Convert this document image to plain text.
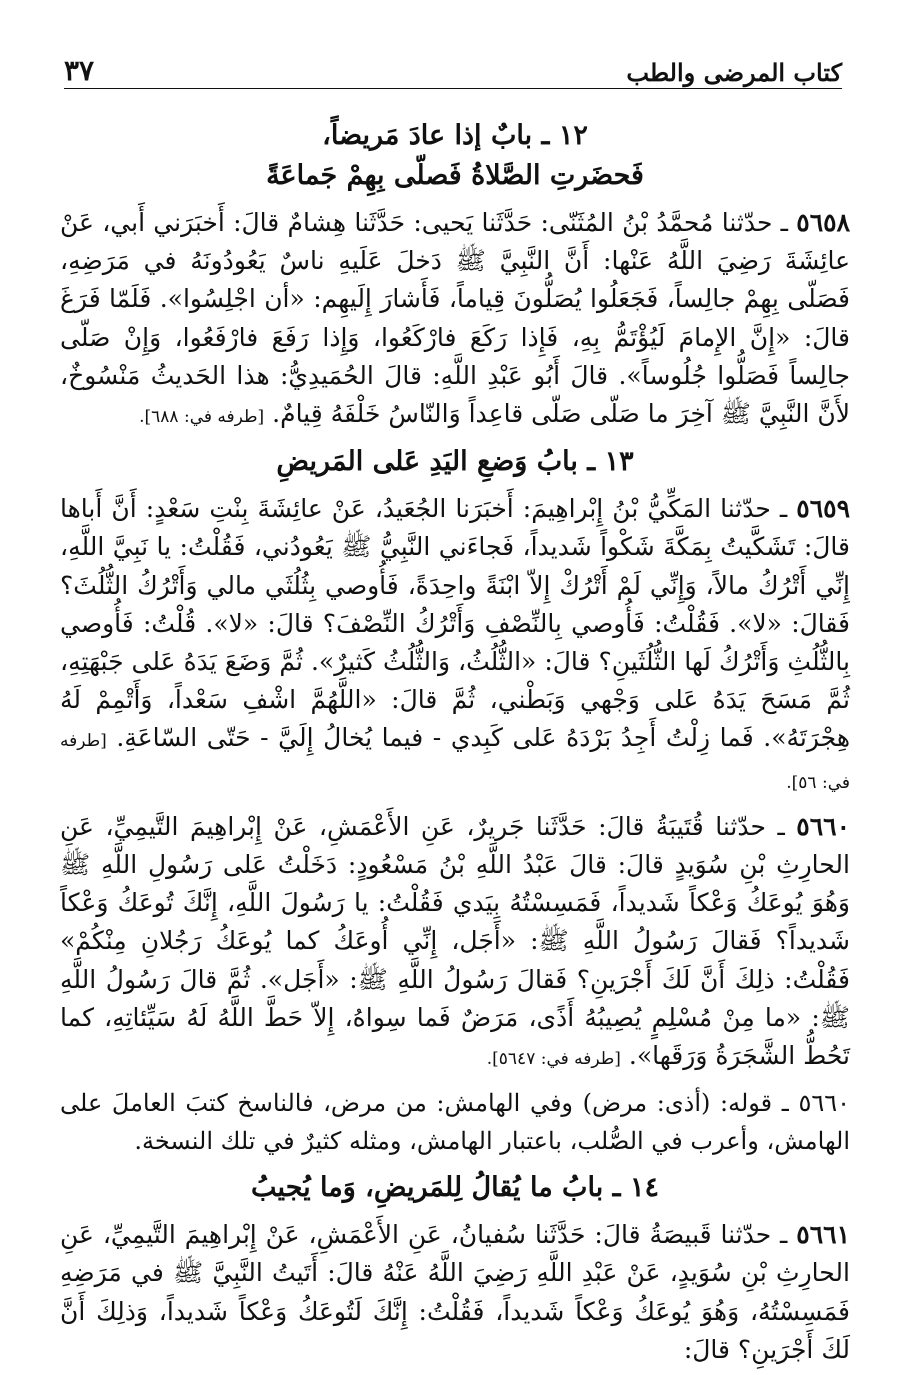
كتاب المرضى والطب
٣٧
١٢ ـ بابٌ إذا عادَ مَريضاً،
فَحضَرتِ الصَّلاةُ فَصلّى بِهِمْ جَماعَةً

٥٦٥٨ ـ حدّثنا مُحمَّدُ بْنُ المُثَنّى: حَدَّثَنا يَحيى: حَدَّثَنا هِشامٌ قالَ: أَخبَرَني أَبي، عَنْ عائِشَةَ رَضِيَ اللَّهُ عَنْها: أَنَّ النَّبِيَّ ﷺ دَخلَ عَلَيهِ ناسٌ يَعُودُونَهُ في مَرَضِهِ، فَصَلّى بِهِمْ جالِساً، فَجَعَلُوا يُصَلُّونَ قِياماً، فَأَشارَ إِلَيهِم: «أن اجْلِسُوا». فَلَمّا فَرَغَ قالَ: «إِنَّ الإِمامَ لَيُؤْتَمُّ بِهِ، فَإِذا رَكَعَ فارْكَعُوا، وَإِذا رَفَعَ فارْفَعُوا، وَإِنْ صَلّى جالِساً فَصَلُّوا جُلُوساً». قالَ أَبُو عَبْدِ اللَّهِ: قالَ الحُمَيدِيُّ: هذا الحَديثُ مَنْسُوخٌ، لأَنَّ النَّبِيَّ ﷺ آخِرَ ما صَلّى صَلّى قاعِداً وَالنّاسُ خَلْفَهُ قِيامٌ. [طرفه في: ٦٨٨].

١٣ ـ بابُ وَضعِ اليَدِ عَلى المَريضِ

٥٦٥٩ ـ حدّثنا المَكِّيُّ بْنُ إِبْراهِيمَ: أَخبَرَنا الجُعَيدُ، عَنْ عائِشَةَ بِنْتِ سَعْدٍ: أَنَّ أَباها قالَ: تَشَكَّيتُ بِمَكَّةَ شَكْواً شَديداً، فَجاءَني النَّبِيُّ ﷺ يَعُودُني، فَقُلْتُ: يا نَبِيَّ اللَّهِ، إِنِّي أَتْرُكُ مالاً، وَإِنِّي لَمْ أَتْرُكْ إِلاّ ابْنَةً واحِدَةً، فَأُوصي بِثُلُثَي مالي وَأَتْرُكُ الثُّلُثَ؟ فَقالَ: «لا». فَقُلْتُ: فَأُوصي بِالنِّصْفِ وَأَتْرُكُ النِّصْفَ؟ قالَ: «لا». قُلْتُ: فَأُوصي بِالثُّلُثِ وَأَتْرُكُ لَها الثُّلُثَينِ؟ قالَ: «الثُّلُثُ، وَالثُّلُثُ كَثيرٌ». ثُمَّ وَضَعَ يَدَهُ عَلى جَبْهَتِهِ، ثُمَّ مَسَحَ يَدَهُ عَلى وَجْهي وَبَطْني، ثُمَّ قالَ: «اللَّهُمَّ اشْفِ سَعْداً، وَأَتْمِمْ لَهُ هِجْرَتَهُ». فَما زِلْتُ أَجِدُ بَرْدَهُ عَلى كَبِدي - فيما يُخالُ إِلَيَّ - حَتّى السّاعَةِ. [طرفه في: ٥٦].

٥٦٦٠ ـ حدّثنا قُتَيبَةُ قالَ: حَدَّثَنا جَريرٌ، عَنِ الأَعْمَشِ، عَنْ إِبْراهِيمَ التَّيمِيِّ، عَنِ الحارِثِ بْنِ سُوَيدٍ قالَ: قالَ عَبْدُ اللَّهِ بْنُ مَسْعُودٍ: دَخَلْتُ عَلى رَسُولِ اللَّهِ ﷺ وَهُوَ يُوعَكُ وَعْكاً شَديداً، فَمَسِسْتُهُ بِيَدي فَقُلْتُ: يا رَسُولَ اللَّهِ، إِنَّكَ تُوعَكُ وَعْكاً شَديداً؟ فَقالَ رَسُولُ اللَّهِ ﷺ: «أَجَل، إِنِّي أُوعَكُ كما يُوعَكُ رَجُلانِ مِنْكُمْ» فَقُلْتُ: ذلِكَ أَنَّ لَكَ أَجْرَينِ؟ فَقالَ رَسُولُ اللَّهِ ﷺ: «أَجَل». ثُمَّ قالَ رَسُولُ اللَّهِ ﷺ: «ما مِنْ مُسْلِمٍ يُصِيبُهُ أَذًى، مَرَضٌ فَما سِواهُ، إِلاّ حَطَّ اللَّهُ لَهُ سَيِّئاتِهِ، كما تَحُطُّ الشَّجَرَةُ وَرَقَها». [طرفه في: ٥٦٤٧].

٥٦٦٠ ـ قوله: (أذى: مرض) وفي الهامش: من مرض، فالناسخ كتبَ العاملَ على الهامش، وأعرب في الصُّلب، باعتبار الهامش، ومثله كثيرٌ في تلك النسخة.

١٤ ـ بابُ ما يُقالُ لِلمَريضِ، وَما يُجيبُ

٥٦٦١ ـ حدّثنا قَبيصَةُ قالَ: حَدَّثَنا سُفيانُ، عَنِ الأَعْمَشِ، عَنْ إِبْراهِيمَ التَّيمِيِّ، عَنِ الحارِثِ بْنِ سُوَيدٍ، عَنْ عَبْدِ اللَّهِ رَضِيَ اللَّهُ عَنْهُ قالَ: أَتَيتُ النَّبِيَّ ﷺ في مَرَضِهِ فَمَسِسْتُهُ، وَهُوَ يُوعَكُ وَعْكاً شَديداً، فَقُلْتُ: إِنَّكَ لَتُوعَكُ وَعْكاً شَديداً، وَذلِكَ أَنَّ لَكَ أَجْرَينِ؟ قالَ:
